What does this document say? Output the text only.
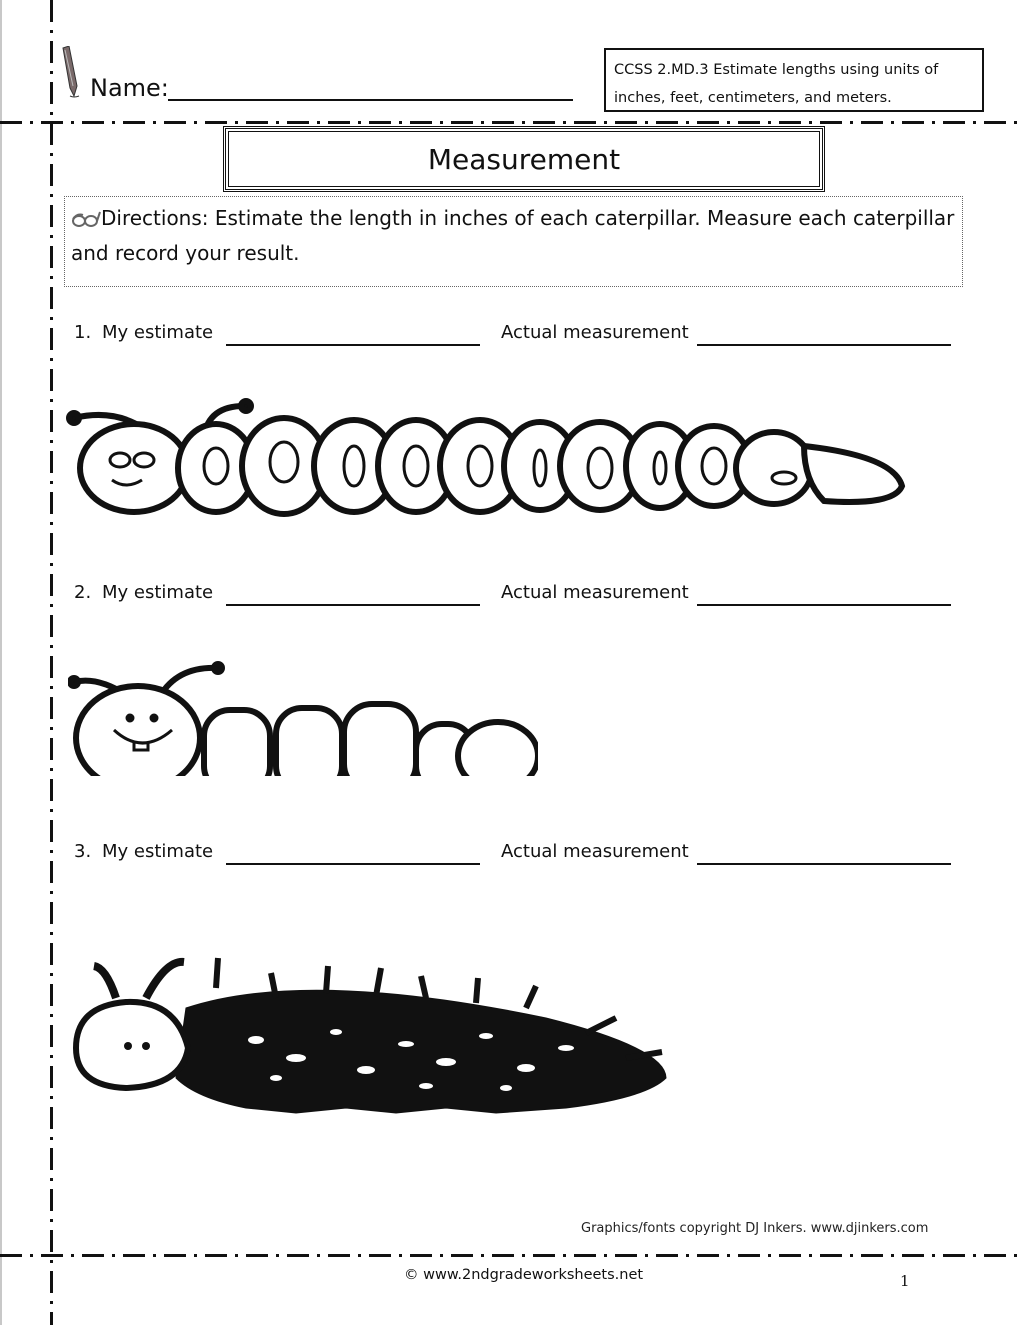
Name:
CCSS 2.MD.3 Estimate lengths using units of
inches, feet, centimeters, and meters.
Measurement
Directions: Estimate the length in inches of each caterpillar. Measure each caterpillar and record your result.
1. My estimate	Actual measurement
2. My estimate	Actual measurement
3. My estimate	Actual measurement
Graphics/fonts copyright DJ Inkers. www.djinkers.com
© www.2ndgradeworksheets.net	1
